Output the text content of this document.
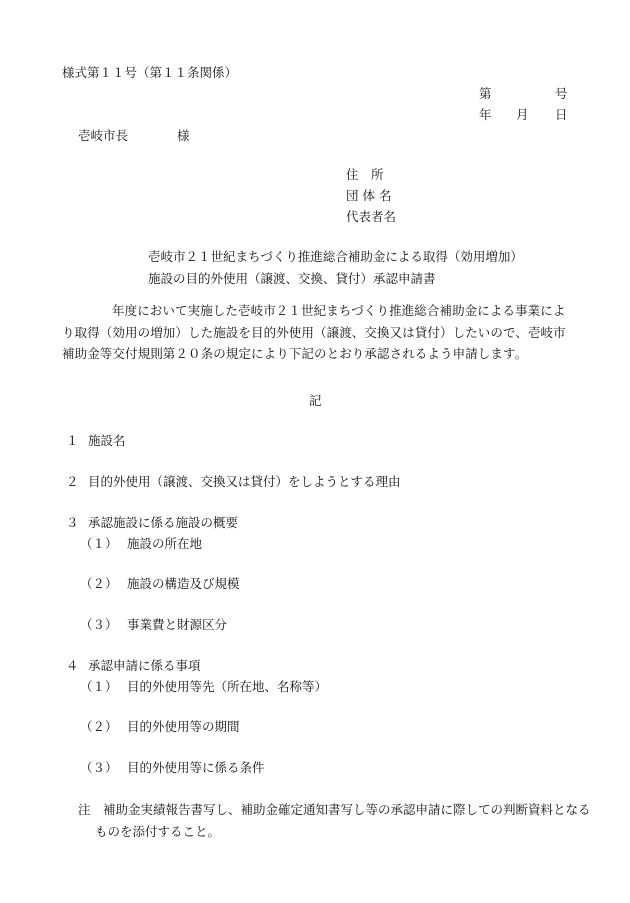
様式第１１号（第１１条関係）
第	号
年 月 日
壱岐市長	様
住　所
団 体 名
代表者名
壱岐市２１世紀まちづくり推進総合補助金による取得（効用増加）施設の目的外使用（譲渡、交換、貸付）承認申請書
年度において実施した壱岐市２１世紀まちづくり推進総合補助金による事業により取得（効用の増加）した施設を目的外使用（譲渡、交換又は貸付）したいので、壱岐市補助金等交付規則第２０条の規定により下記のとおり承認されるよう申請します。
記
１ 施設名
２ 目的外使用（譲渡、交換又は貸付）をしようとする理由
３ 承認施設に係る施設の概要
（１） 施設の所在地
（２） 施設の構造及び規模
（３） 事業費と財源区分
４ 承認申請に係る事項
（１） 目的外使用等先（所在地、名称等）
（２） 目的外使用等の期間
（３） 目的外使用等に係る条件
注　 補助金実績報告書写し、補助金確定通知書写し等の承認申請に際しての判断資料となるものを添付すること。
